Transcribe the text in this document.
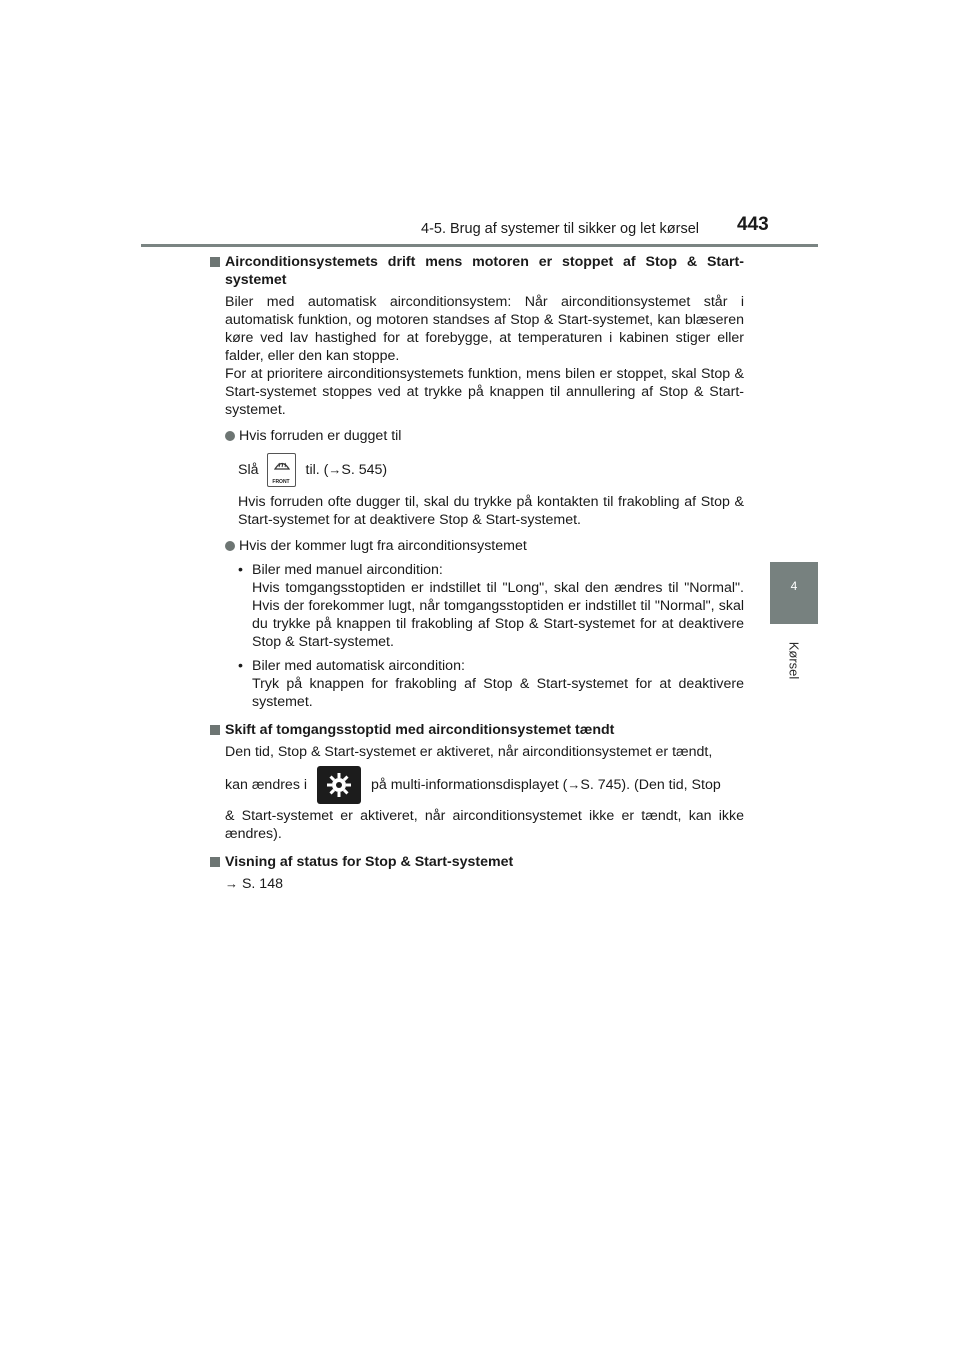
4-5. Brug af systemer til sikker og let kørsel 443
4
Kørsel
Airconditionsystemets drift mens motoren er stoppet af Stop & Start-systemet

Biler med automatisk airconditionsystem: Når airconditionsystemet står i automatisk funktion, og motoren standses af Stop & Start-systemet, kan blæseren køre ved lav hastighed for at forebygge, at temperaturen i kabinen stiger eller falder, eller den kan stoppe.

For at prioritere airconditionsystemets funktion, mens bilen er stoppet, skal Stop & Start-systemet stoppes ved at trykke på knappen til annullering af Stop & Start-systemet.

Hvis forruden er dugget til
Slå
FRONT
til. ( → S. 545)

Hvis forruden ofte dugger til, skal du trykke på kontakten til frakobling af Stop & Start-systemet for at deaktivere Stop & Start-systemet.

Hvis der kommer lugt fra airconditionsystemet
• Biler med manuel aircondition:

Hvis tomgangsstoptiden er indstillet til "Long", skal den ændres til "Normal". Hvis der forekommer lugt, når tomgangsstoptiden er indstillet til "Normal", skal du trykke på knappen til frakobling af Stop & Start-systemet for at deaktivere Stop & Start-systemet.

• Biler med automatisk aircondition:

Tryk på knappen for frakobling af Stop & Start-systemet for at deaktivere systemet.

Skift af tomgangsstoptid med airconditionsystemet tændt

Den tid, Stop & Start-systemet er aktiveret, når airconditionsystemet er tændt,

kan ændres i	på multi-informationsdisplayet ( → S. 745). (Den tid, Stop

& Start-systemet er aktiveret, når airconditionsystemet ikke er tændt, kan ikke ændres).

Visning af status for Stop & Start-systemet
→ S. 148
